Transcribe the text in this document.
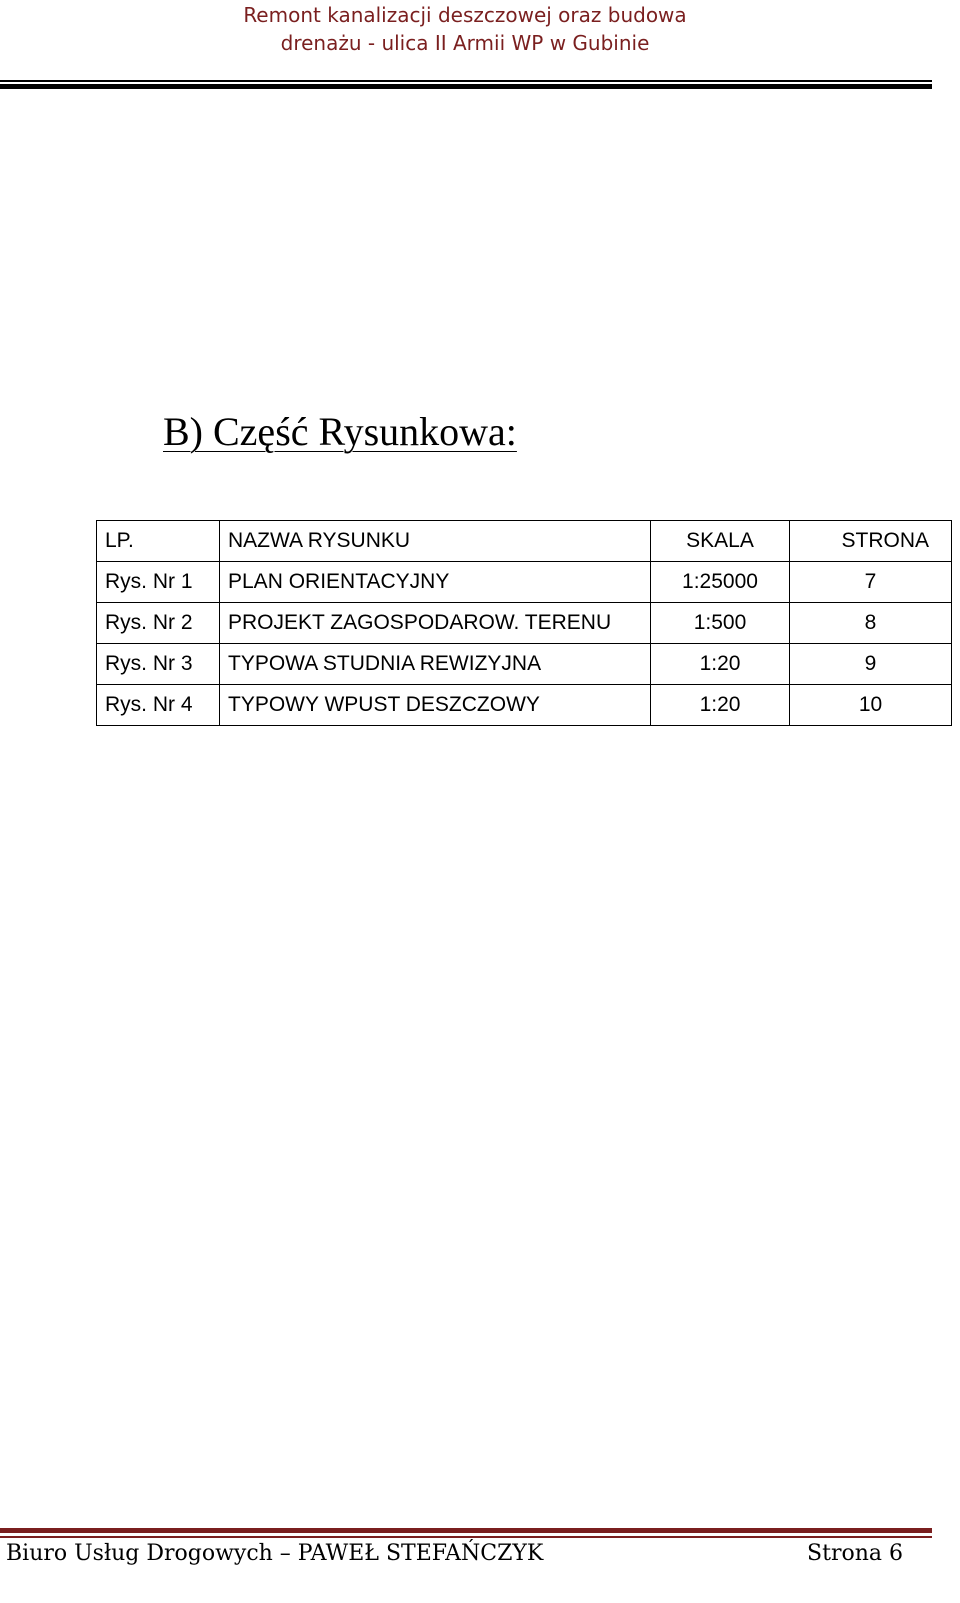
Remont kanalizacji deszczowej oraz budowa
drenażu - ulica II Armii WP w Gubinie
B) Część Rysunkowa:
LP.	NAZWA RYSUNKU	SKALA	STRONA
Rys. Nr 1	PLAN ORIENTACYJNY	1:25000	7
Rys. Nr 2	PROJEKT ZAGOSPODAROW. TERENU	1:500	8
Rys. Nr 3	TYPOWA STUDNIA REWIZYJNA	1:20	9
Rys. Nr 4	TYPOWY WPUST DESZCZOWY	1:20	10
Biuro Usług Drogowych – PAWEŁ STEFAŃCZYK	Strona 6
